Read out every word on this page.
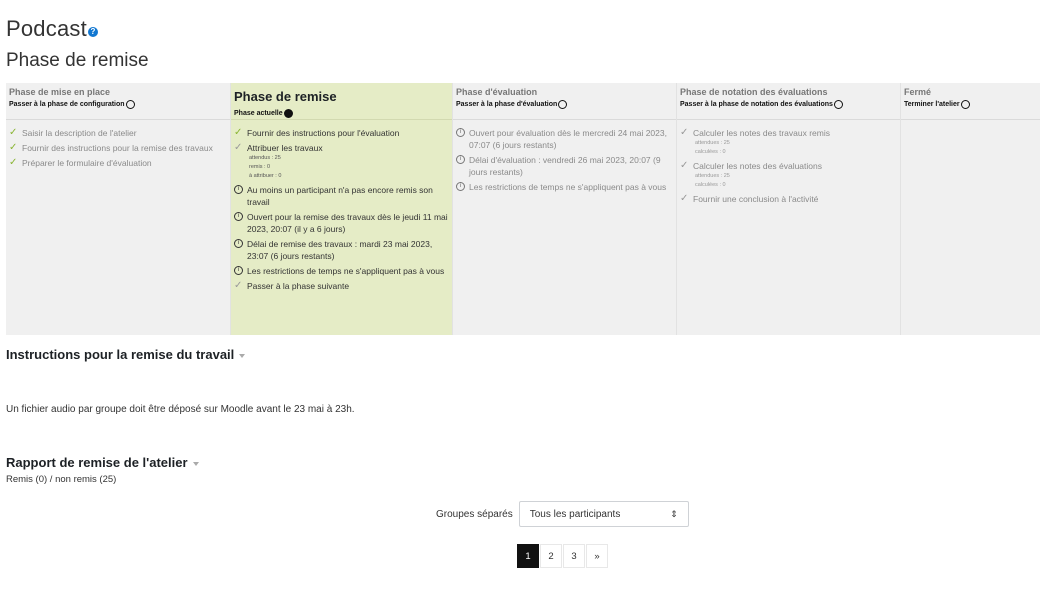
Podcast ?
Phase de remise
Phase de mise en place
Passer à la phase de configuration
✓ Saisir la description de l'atelier
✓ Fournir des instructions pour la remise des travaux
✓ Préparer le formulaire d'évaluation
Phase de remise
Phase actuelle
✓ Fournir des instructions pour l'évaluation
✓ Attribuer les travaux
attendus : 25
remis : 0
à attribuer : 0
i Au moins un participant n'a pas encore remis son travail
i Ouvert pour la remise des travaux dès le jeudi 11 mai 2023, 20:07 (il y a 6 jours)
i Délai de remise des travaux : mardi 23 mai 2023, 23:07 (6 jours restants)
i Les restrictions de temps ne s'appliquent pas à vous
✓ Passer à la phase suivante
Phase d'évaluation
Passer à la phase d'évaluation
i Ouvert pour évaluation dès le mercredi 24 mai 2023, 07:07 (6 jours restants)
i Délai d'évaluation : vendredi 26 mai 2023, 20:07 (9 jours restants)
i Les restrictions de temps ne s'appliquent pas à vous
Phase de notation des évaluations
Passer à la phase de notation des évaluations
✓ Calculer les notes des travaux remis
attendues : 25
calculées : 0
✓ Calculer les notes des évaluations
attendues : 25
calculées : 0
✓ Fournir une conclusion à l'activité
Fermé
Terminer l'atelier
Instructions pour la remise du travail
Un fichier audio par groupe doit être déposé sur Moodle avant le 23 mai à 23h.
Rapport de remise de l'atelier
Remis (0) / non remis (25)
Groupes séparés Tous les participants	⇕
1	2	3	»
